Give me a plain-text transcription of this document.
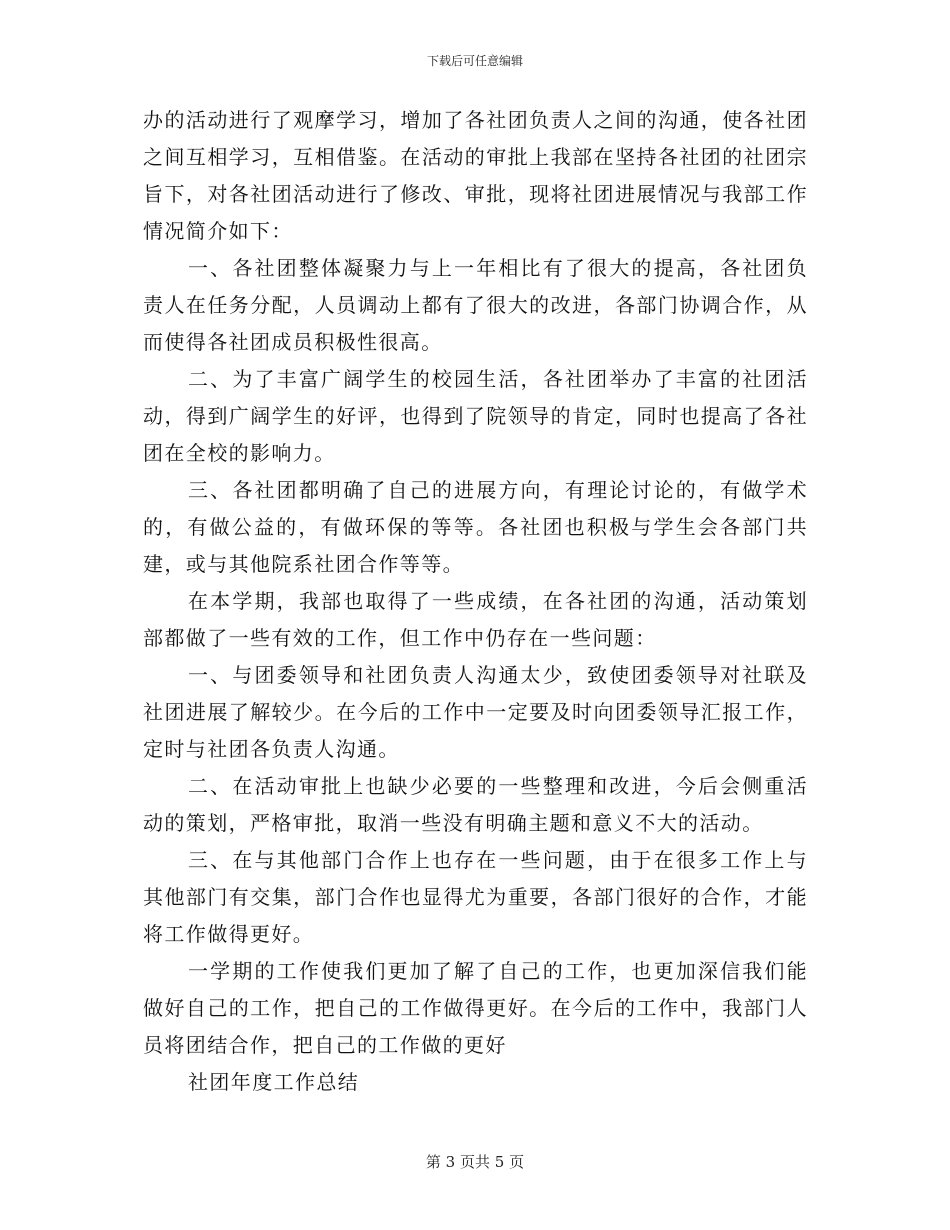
下载后可任意编辑

办的活动进行了观摩学习，增加了各社团负责人之间的沟通，使各社团之间互相学习，互相借鉴。在活动的审批上我部在坚持各社团的社团宗旨下，对各社团活动进行了修改、审批，现将社团进展情况与我部工作情况简介如下：

一、各社团整体凝聚力与上一年相比有了很大的提高，各社团负责人在任务分配，人员调动上都有了很大的改进，各部门协调合作，从而使得各社团成员积极性很高。

二、为了丰富广阔学生的校园生活，各社团举办了丰富的社团活动，得到广阔学生的好评，也得到了院领导的肯定，同时也提高了各社团在全校的影响力。

三、各社团都明确了自己的进展方向，有理论讨论的，有做学术的，有做公益的，有做环保的等等。各社团也积极与学生会各部门共建，或与其他院系社团合作等等。

在本学期，我部也取得了一些成绩，在各社团的沟通，活动策划部都做了一些有效的工作，但工作中仍存在一些问题：

一、与团委领导和社团负责人沟通太少，致使团委领导对社联及社团进展了解较少。在今后的工作中一定要及时向团委领导汇报工作，定时与社团各负责人沟通。

二、在活动审批上也缺少必要的一些整理和改进，今后会侧重活动的策划，严格审批，取消一些没有明确主题和意义不大的活动。

三、在与其他部门合作上也存在一些问题，由于在很多工作上与其他部门有交集，部门合作也显得尤为重要，各部门很好的合作，才能将工作做得更好。

一学期的工作使我们更加了解了自己的工作，也更加深信我们能做好自己的工作，把自己的工作做得更好。在今后的工作中，我部门人员将团结合作，把自己的工作做的更好

社团年度工作总结

第 3 页共 5 页
